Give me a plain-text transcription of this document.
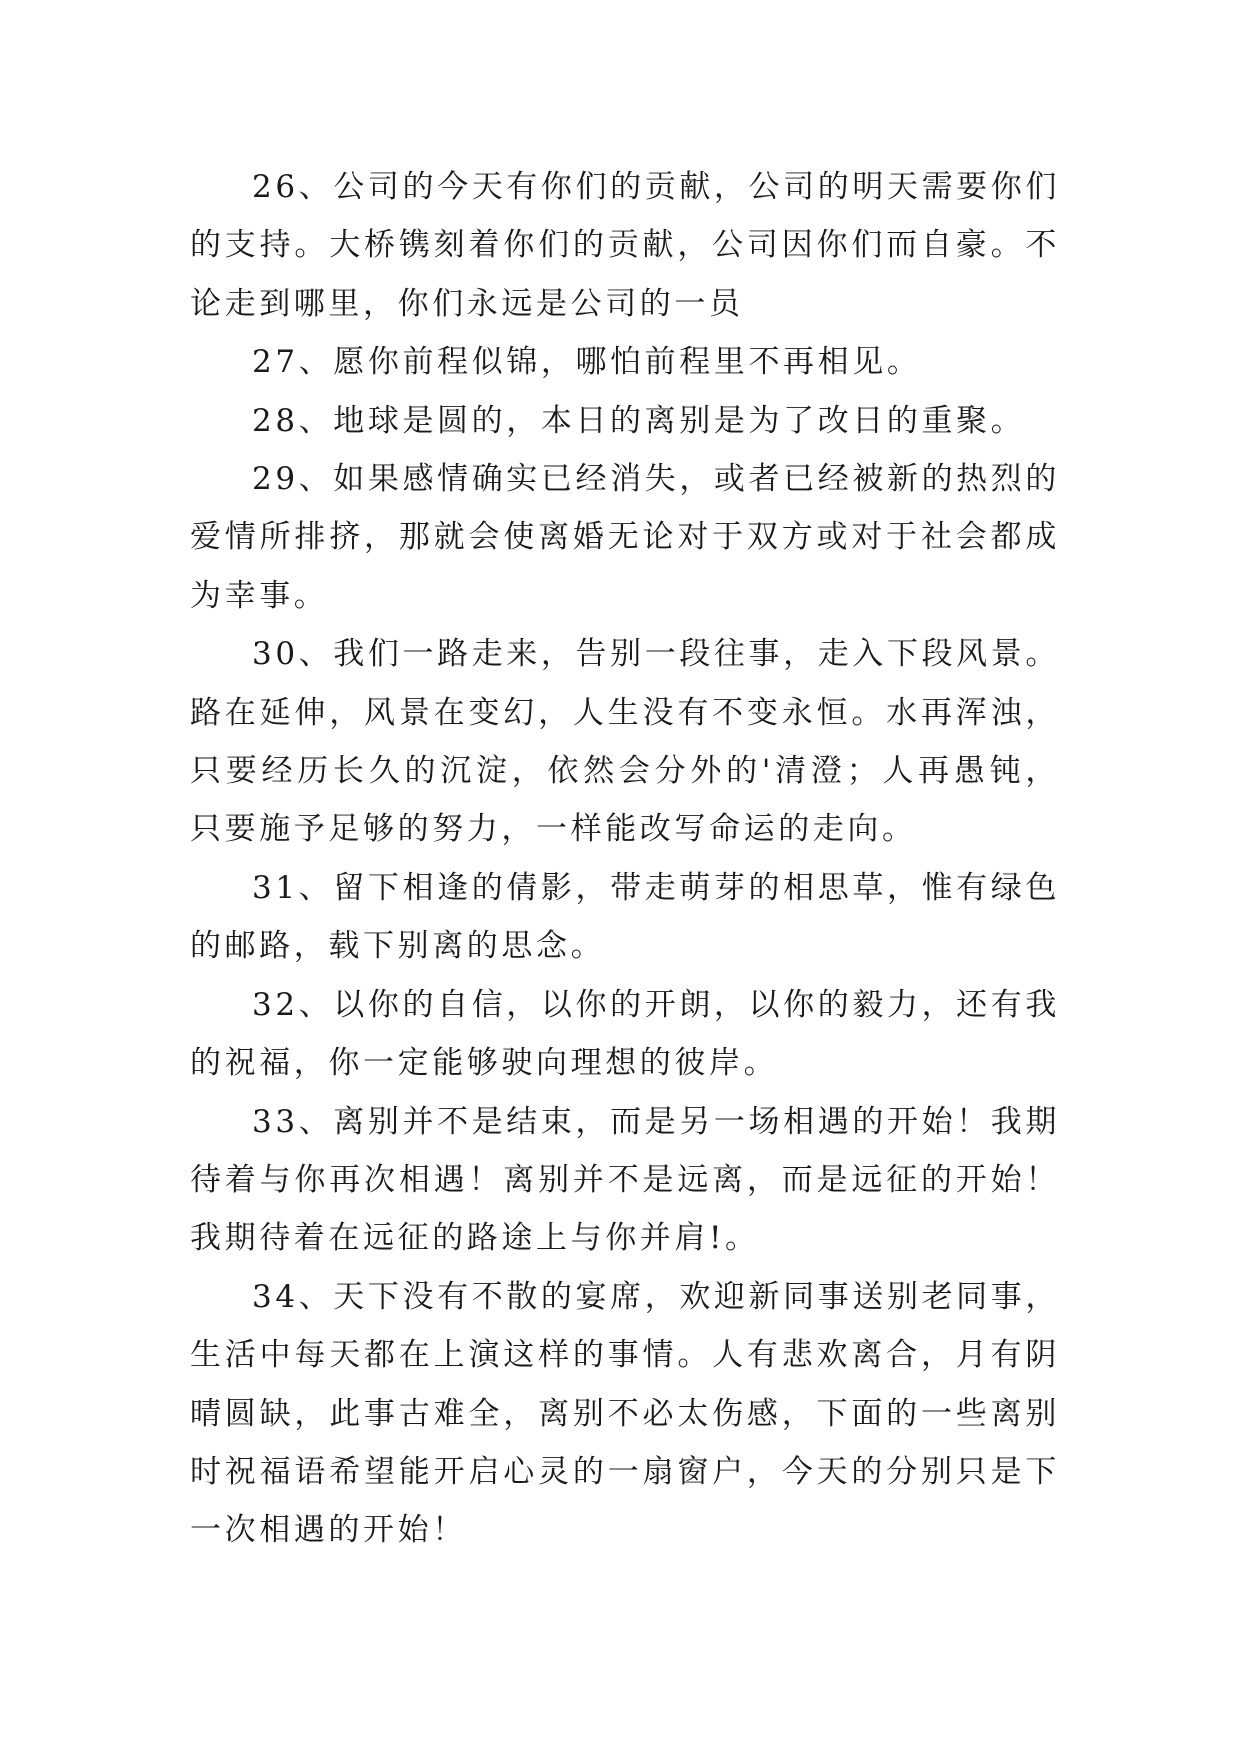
26、公司的今天有你们的贡献，公司的明天需要你们的支持。大桥镌刻着你们的贡献，公司因你们而自豪。不论走到哪里，你们永远是公司的一员

27、愿你前程似锦，哪怕前程里不再相见。

28、地球是圆的，本日的离别是为了改日的重聚。

29、如果感情确实已经消失，或者已经被新的热烈的爱情所排挤，那就会使离婚无论对于双方或对于社会都成为幸事。

30、我们一路走来，告别一段往事，走入下段风景。路在延伸，风景在变幻，人生没有不变永恒。水再浑浊，只要经历长久的沉淀，依然会分外的'清澄；人再愚钝，只要施予足够的努力，一样能改写命运的走向。

31、留下相逢的倩影，带走萌芽的相思草，惟有绿色的邮路，载下别离的思念。

32、以你的自信，以你的开朗，以你的毅力，还有我的祝福，你一定能够驶向理想的彼岸。

33、离别并不是结束，而是另一场相遇的开始！我期待着与你再次相遇！离别并不是远离，而是远征的开始！我期待着在远征的路途上与你并肩!。

34、天下没有不散的宴席，欢迎新同事送别老同事，生活中每天都在上演这样的事情。人有悲欢离合，月有阴晴圆缺，此事古难全，离别不必太伤感，下面的一些离别时祝福语希望能开启心灵的一扇窗户，今天的分别只是下一次相遇的开始！
